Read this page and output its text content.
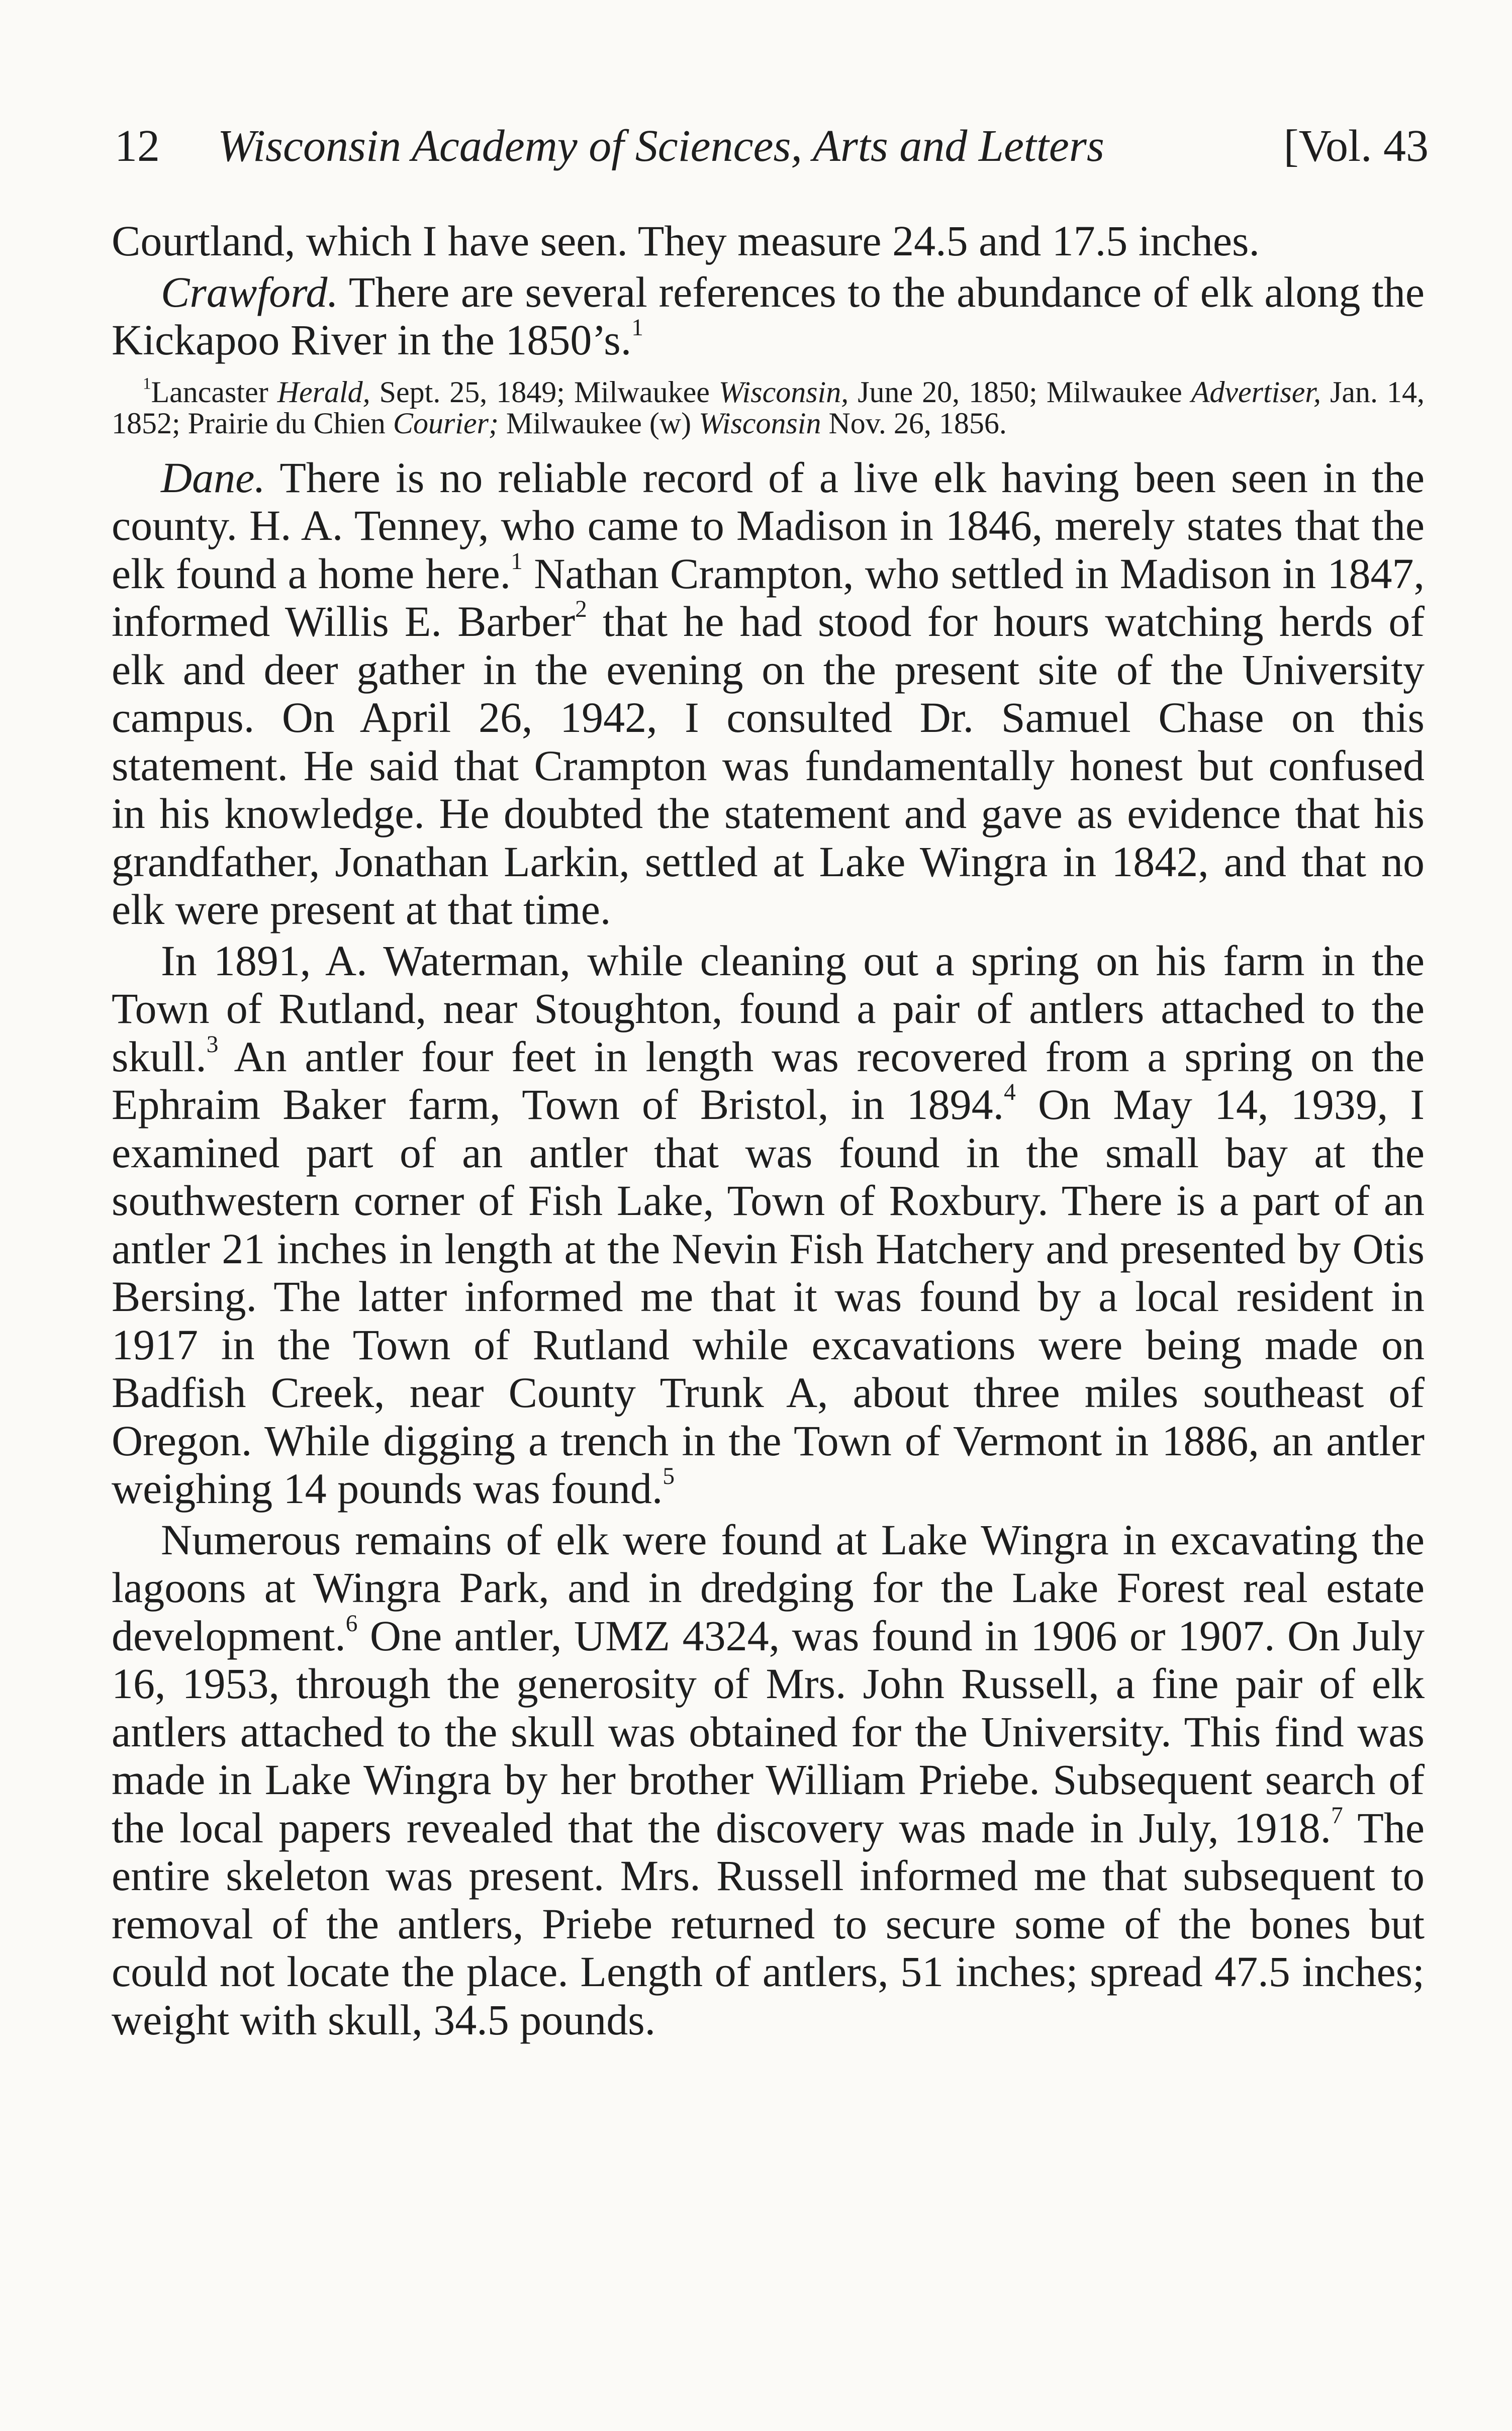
12 Wisconsin Academy of Sciences, Arts and Letters	[Vol. 43

Courtland, which I have seen. They measure 24.5 and 17.5 inches.

Crawford. There are several references to the abundance of elk along the Kickapoo River in the 1850’s.$^1$

$^1$Lancaster Herald, Sept. 25, 1849; Milwaukee Wisconsin, June 20, 1850; Milwaukee Advertiser, Jan. 14, 1852; Prairie du Chien Courier; Milwaukee (w) Wisconsin Nov. 26, 1856.

Dane. There is no reliable record of a live elk having been seen in the county. H. A. Tenney, who came to Madison in 1846, merely states that the elk found a home here.$^1$ Nathan Crampton, who settled in Madison in 1847, informed Willis E. Barber$^2$ that he had stood for hours watching herds of elk and deer gather in the evening on the present site of the University campus. On April 26, 1942, I consulted Dr. Samuel Chase on this statement. He said that Crampton was fundamentally honest but confused in his knowledge. He doubted the statement and gave as evidence that his grandfather, Jonathan Larkin, settled at Lake Wingra in 1842, and that no elk were present at that time.

In 1891, A. Waterman, while cleaning out a spring on his farm in the Town of Rutland, near Stoughton, found a pair of antlers attached to the skull.$^3$ An antler four feet in length was recovered from a spring on the Ephraim Baker farm, Town of Bristol, in 1894.$^4$ On May 14, 1939, I examined part of an antler that was found in the small bay at the southwestern corner of Fish Lake, Town of Roxbury. There is a part of an antler 21 inches in length at the Nevin Fish Hatchery and presented by Otis Bersing. The latter informed me that it was found by a local resident in 1917 in the Town of Rutland while excavations were being made on Badfish Creek, near County Trunk A, about three miles southeast of Oregon. While digging a trench in the Town of Vermont in 1886, an antler weighing 14 pounds was found.$^5$

Numerous remains of elk were found at Lake Wingra in excavating the lagoons at Wingra Park, and in dredging for the Lake Forest real estate development.$^6$ One antler, UMZ 4324, was found in 1906 or 1907. On July 16, 1953, through the generosity of Mrs. John Russell, a fine pair of elk antlers attached to the skull was obtained for the University. This find was made in Lake Wingra by her brother William Priebe. Subsequent search of the local papers revealed that the discovery was made in July, 1918.$^7$ The entire skeleton was present. Mrs. Russell informed me that subsequent to removal of the antlers, Priebe returned to secure some of the bones but could not locate the place. Length of antlers, 51 inches; spread 47.5 inches; weight with skull, 34.5 pounds.
